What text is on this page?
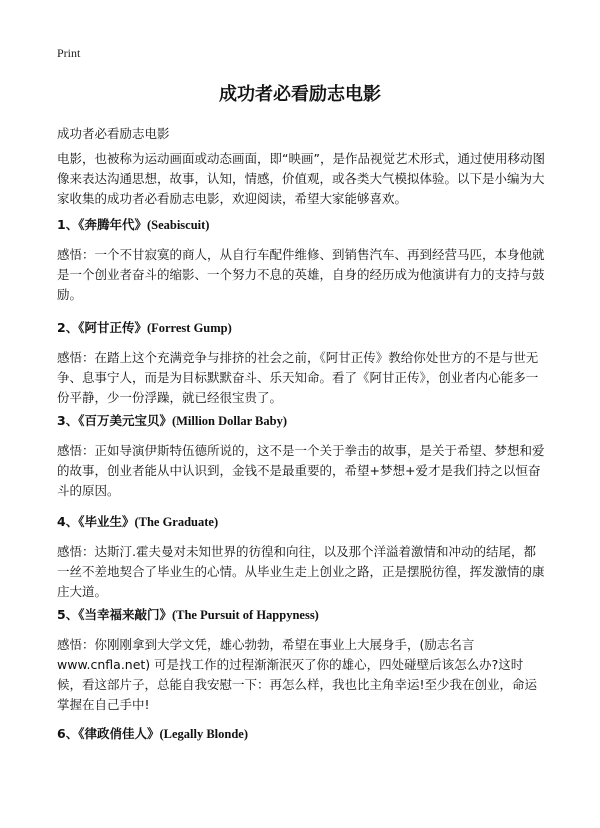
Print
成功者必看励志电影
成功者必看励志电影
电影，也被称为运动画面或动态画面，即“映画”，是作品视觉艺术形式，通过使用移动图像来表达沟通思想，故事，认知，情感，价值观，或各类大气模拟体验。以下是小编为大家收集的成功者必看励志电影，欢迎阅读，希望大家能够喜欢。

1、《奔腾年代》(Seabiscuit)

感悟：一个不甘寂寞的商人，从自行车配件维修、到销售汽车、再到经营马匹，本身他就是一个创业者奋斗的缩影、一个努力不息的英雄，自身的经历成为他演讲有力的支持与鼓励。

2、《阿甘正传》(Forrest Gump)

感悟：在踏上这个充满竞争与排挤的社会之前，《阿甘正传》教给你处世方的不是与世无争、息事宁人，而是为目标默默奋斗、乐天知命。看了《阿甘正传》，创业者内心能多一份平静，少一份浮躁，就已经很宝贵了。

3、《百万美元宝贝》(Million Dollar Baby)

感悟：正如导演伊斯特伍德所说的，这不是一个关于拳击的故事，是关于希望、梦想和爱的故事，创业者能从中认识到，金钱不是最重要的，希望+梦想+爱才是我们持之以恒奋斗的原因。

4、《毕业生》(The Graduate)

感悟：达斯汀.霍夫曼对未知世界的彷徨和向往，以及那个洋溢着激情和冲动的结尾，都一丝不差地契合了毕业生的心情。从毕业生走上创业之路，正是摆脱彷徨，挥发激情的康庄大道。

5、《当幸福来敲门》(The Pursuit of Happyness)

感悟：你刚刚拿到大学文凭，雄心勃勃，希望在事业上大展身手，(励志名言www.cnfla.net) 可是找工作的过程渐渐泯灭了你的雄心，四处碰壁后该怎么办?这时候，看这部片子，总能自我安慰一下：再怎么样，我也比主角幸运!至少我在创业，命运掌握在自己手中!

6、《律政俏佳人》(Legally Blonde)
